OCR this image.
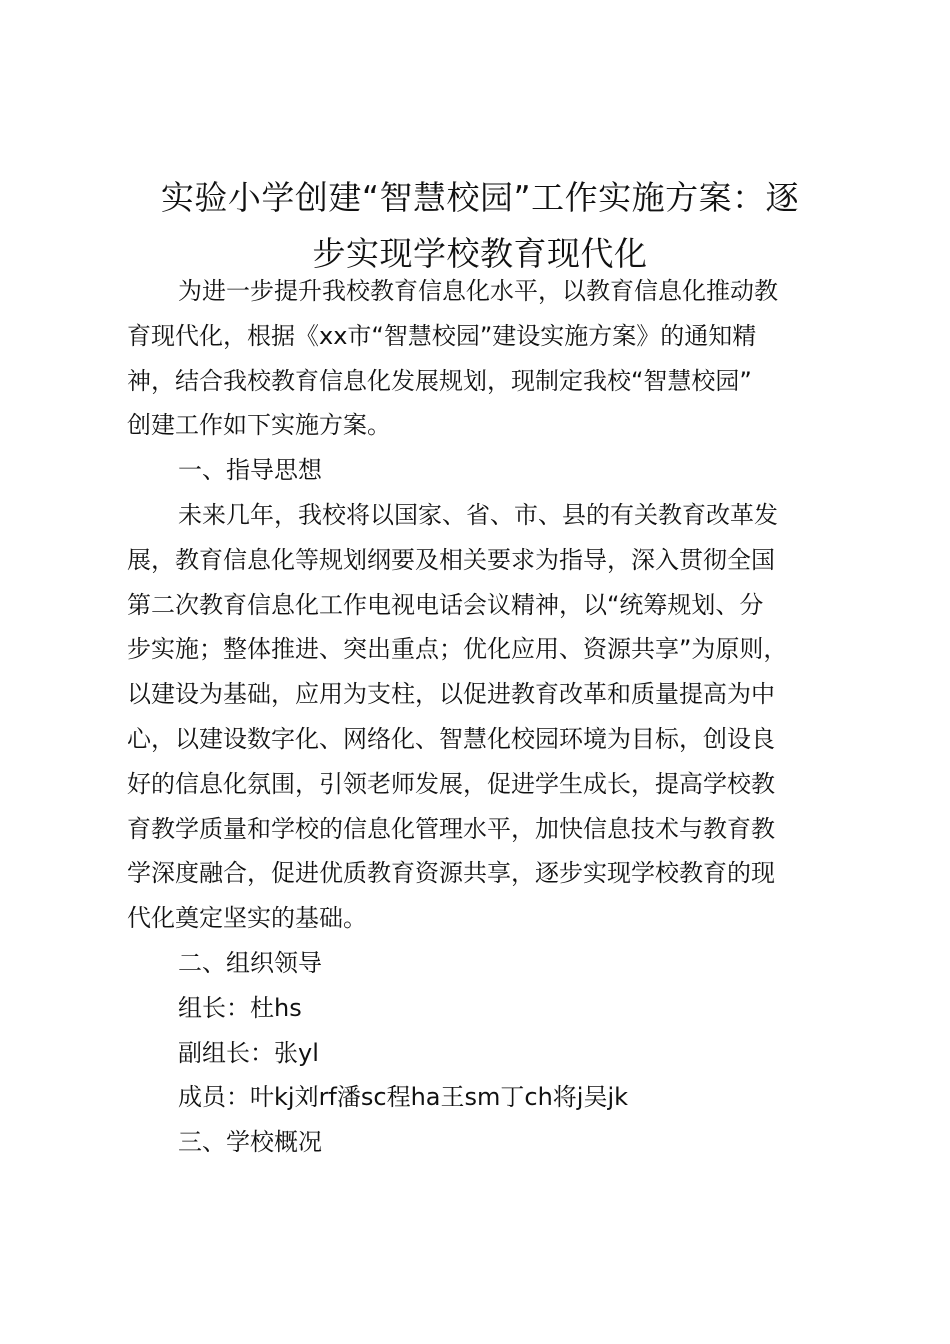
实验小学创建“智慧校园”工作实施方案：逐
步实现学校教育现代化
为进一步提升我校教育信息化水平，以教育信息化推动教
育现代化，根据《xx市“智慧校园”建设实施方案》的通知精
神，结合我校教育信息化发展规划，现制定我校“智慧校园”
创建工作如下实施方案。
一、指导思想
未来几年，我校将以国家、省、市、县的有关教育改革发
展，教育信息化等规划纲要及相关要求为指导，深入贯彻全国
第二次教育信息化工作电视电话会议精神，以“统筹规划、分
步实施；整体推进、突出重点；优化应用、资源共享”为原则，
以建设为基础，应用为支柱，以促进教育改革和质量提高为中
心，以建设数字化、网络化、智慧化校园环境为目标，创设良
好的信息化氛围，引领老师发展，促进学生成长，提高学校教
育教学质量和学校的信息化管理水平，加快信息技术与教育教
学深度融合，促进优质教育资源共享，逐步实现学校教育的现
代化奠定坚实的基础。
二、组织领导
组长：杜hs
副组长：张yl
成员：叶kj刘rf潘sc程ha王sm丁ch将j吴jk
三、学校概况
